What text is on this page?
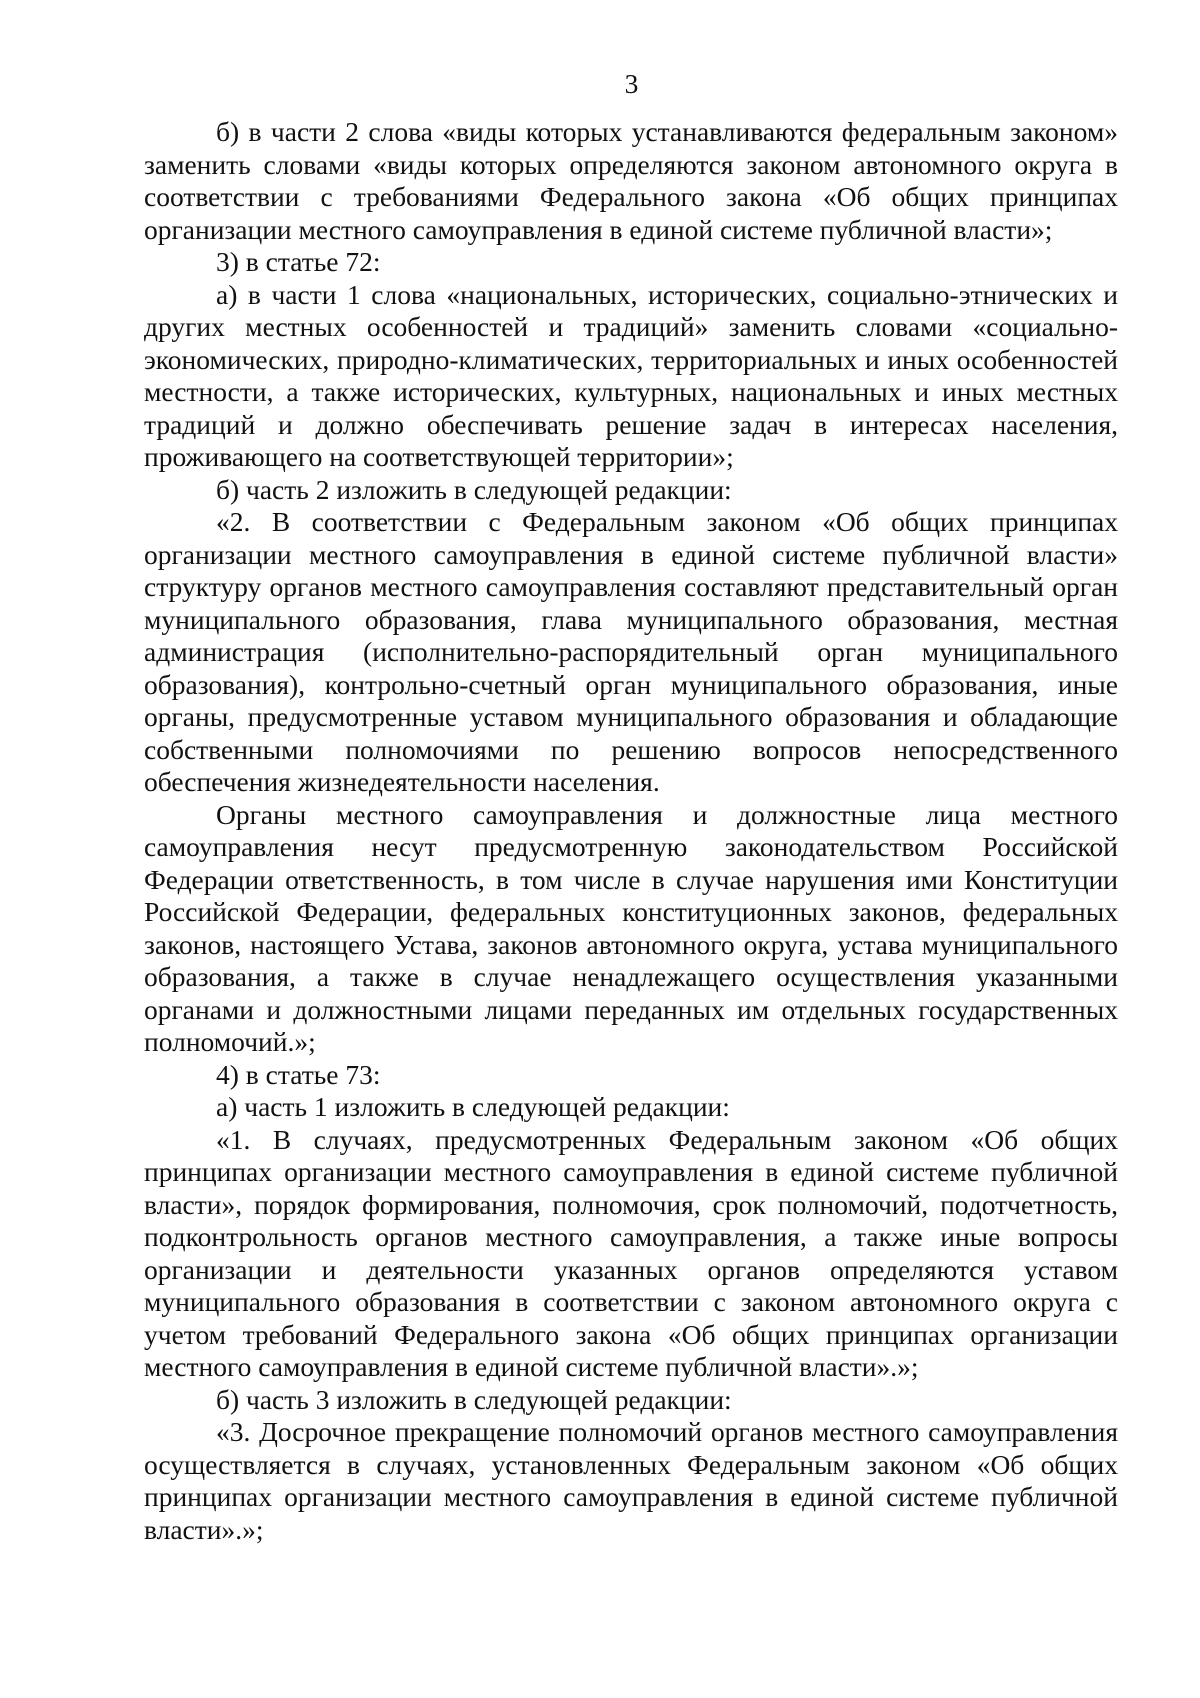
3

б) в части 2 слова «виды которых устанавливаются федеральным законом» заменить словами «виды которых определяются законом автономного округа в соответствии с требованиями Федерального закона «Об общих принципах организации местного самоуправления в единой системе публичной власти»;

3) в статье 72:

а) в части 1 слова «национальных, исторических, социально-этнических и других местных особенностей и традиций» заменить словами «социально-экономических, природно-климатических, территориальных и иных особенностей местности, а также исторических, культурных, национальных и иных местных традиций и должно обеспечивать решение задач в интересах населения, проживающего на соответствующей территории»;

б) часть 2 изложить в следующей редакции:

«2. В соответствии с Федеральным законом «Об общих принципах организации местного самоуправления в единой системе публичной власти» структуру органов местного самоуправления составляют представительный орган муниципального образования, глава муниципального образования, местная администрация (исполнительно-распорядительный орган муниципального образования), контрольно-счетный орган муниципального образования, иные органы, предусмотренные уставом муниципального образования и обладающие собственными полномочиями по решению вопросов непосредственного обеспечения жизнедеятельности населения.

Органы местного самоуправления и должностные лица местного самоуправления несут предусмотренную законодательством Российской Федерации ответственность, в том числе в случае нарушения ими Конституции Российской Федерации, федеральных конституционных законов, федеральных законов, настоящего Устава, законов автономного округа, устава муниципального образования, а также в случае ненадлежащего осуществления указанными органами и должностными лицами переданных им отдельных государственных полномочий.»;

4) в статье 73:

а) часть 1 изложить в следующей редакции:

«1. В случаях, предусмотренных Федеральным законом «Об общих принципах организации местного самоуправления в единой системе публичной власти», порядок формирования, полномочия, срок полномочий, подотчетность, подконтрольность органов местного самоуправления, а также иные вопросы организации и деятельности указанных органов определяются уставом муниципального образования в соответствии с законом автономного округа с учетом требований Федерального закона «Об общих принципах организации местного самоуправления в единой системе публичной власти».»;

б) часть 3 изложить в следующей редакции:

«3. Досрочное прекращение полномочий органов местного самоуправления осуществляется в случаях, установленных Федеральным законом «Об общих принципах организации местного самоуправления в единой системе публичной власти».»;
